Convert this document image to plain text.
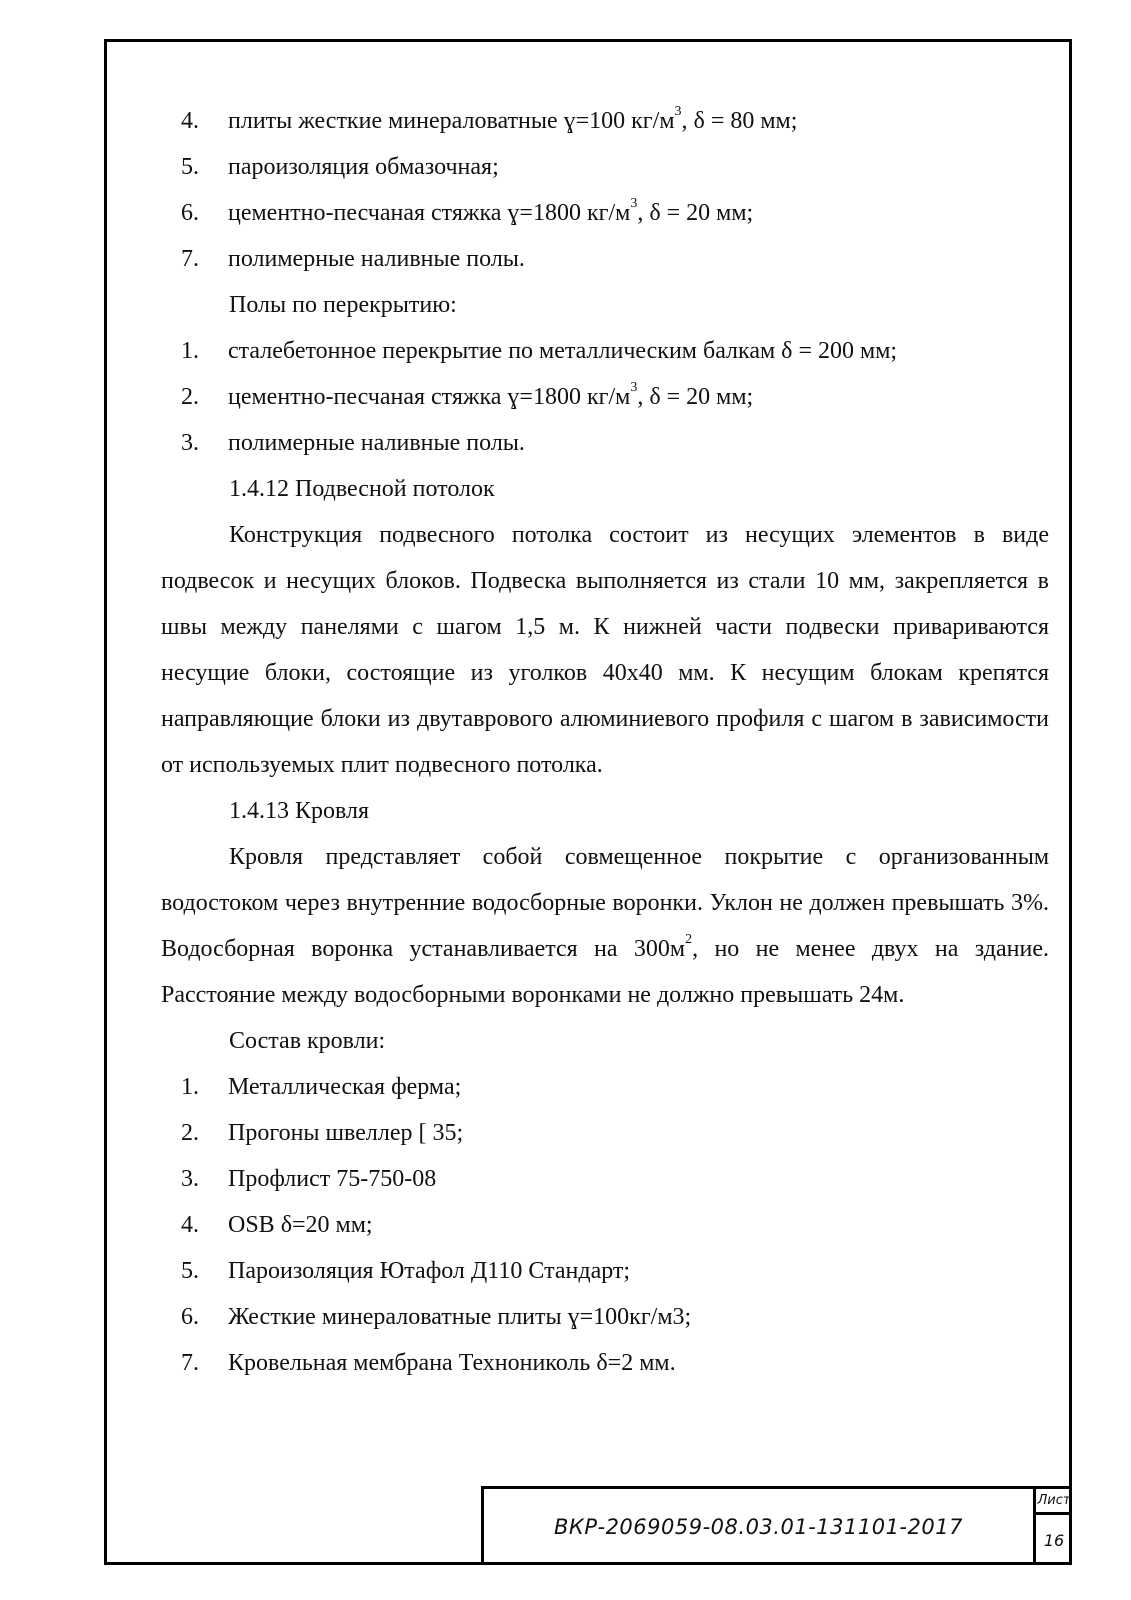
4. плиты жесткие минераловатные ɣ=100 $кг/м^3$, δ = 80 мм;
5. пароизоляция обмазочная;
6. цементно-песчаная стяжка ɣ=1800 $кг/м^3$, δ = 20 мм;
7. полимерные наливные полы.
Полы по перекрытию:
1. сталебетонное перекрытие по металлическим балкам δ = 200 мм;
2. цементно-песчаная стяжка ɣ=1800 $кг/м^3$, δ = 20 мм;
3. полимерные наливные полы.
1.4.12 Подвесной потолок
Конструкция подвесного потолка состоит из несущих элементов в виде подвесок и несущих блоков. Подвеска выполняется из стали 10 мм, закрепляется в швы между панелями с шагом 1,5 м. К нижней части подвески привариваются несущие блоки, состоящие из уголков 40х40 мм. К несущим блокам крепятся направляющие блоки из двутаврового алюминиевого профиля с шагом в зависимости от используемых плит подвесного потолка.
1.4.13 Кровля
Кровля представляет собой совмещенное покрытие с организованным водостоком через внутренние водосборные воронки. Уклон не должен превышать 3%. Водосборная воронка устанавливается на $300м^2$, но не менее двух на здание. Расстояние между водосборными воронками не должно превышать 24м.
Состав кровли:
1. Металлическая ферма;
2. Прогоны швеллер [ 35;
3. Профлист 75-750-08
4. OSB δ=20 мм;
5. Пароизоляция Ютафол Д110 Стандарт;
6. Жесткие минераловатные плиты ɣ=100кг/м3;
7. Кровельная мембрана Технониколь δ=2 мм.
ВКР-2069059-08.03.01-131101-2017
Лист
16
